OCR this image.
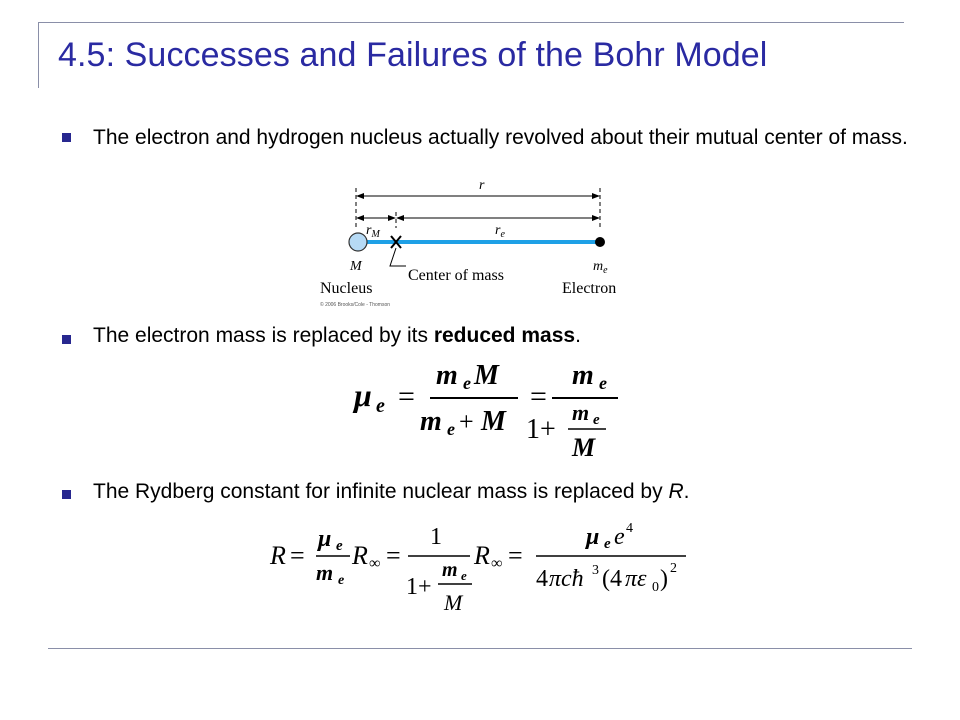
4.5: Successes and Failures of the Bohr Model
The electron and hydrogen nucleus actually revolved about their mutual center of mass.
r
$r_M$	$r_e$
M
Nucleus
Center of mass
$m_e$
Electron
© 2006 Brooks/Cole - Thomson
The electron mass is replaced by its reduced mass.
μ e =
m e M
m e + M
=
m e
1+
m e
M
The Rydberg constant for infinite nuclear mass is replaced by R.
R =
μ e
m e
R ∞ =
1
1+
m e
M
R ∞ =
μ e e 4
4 πcħ 3 (4 πε 0 ) 2
